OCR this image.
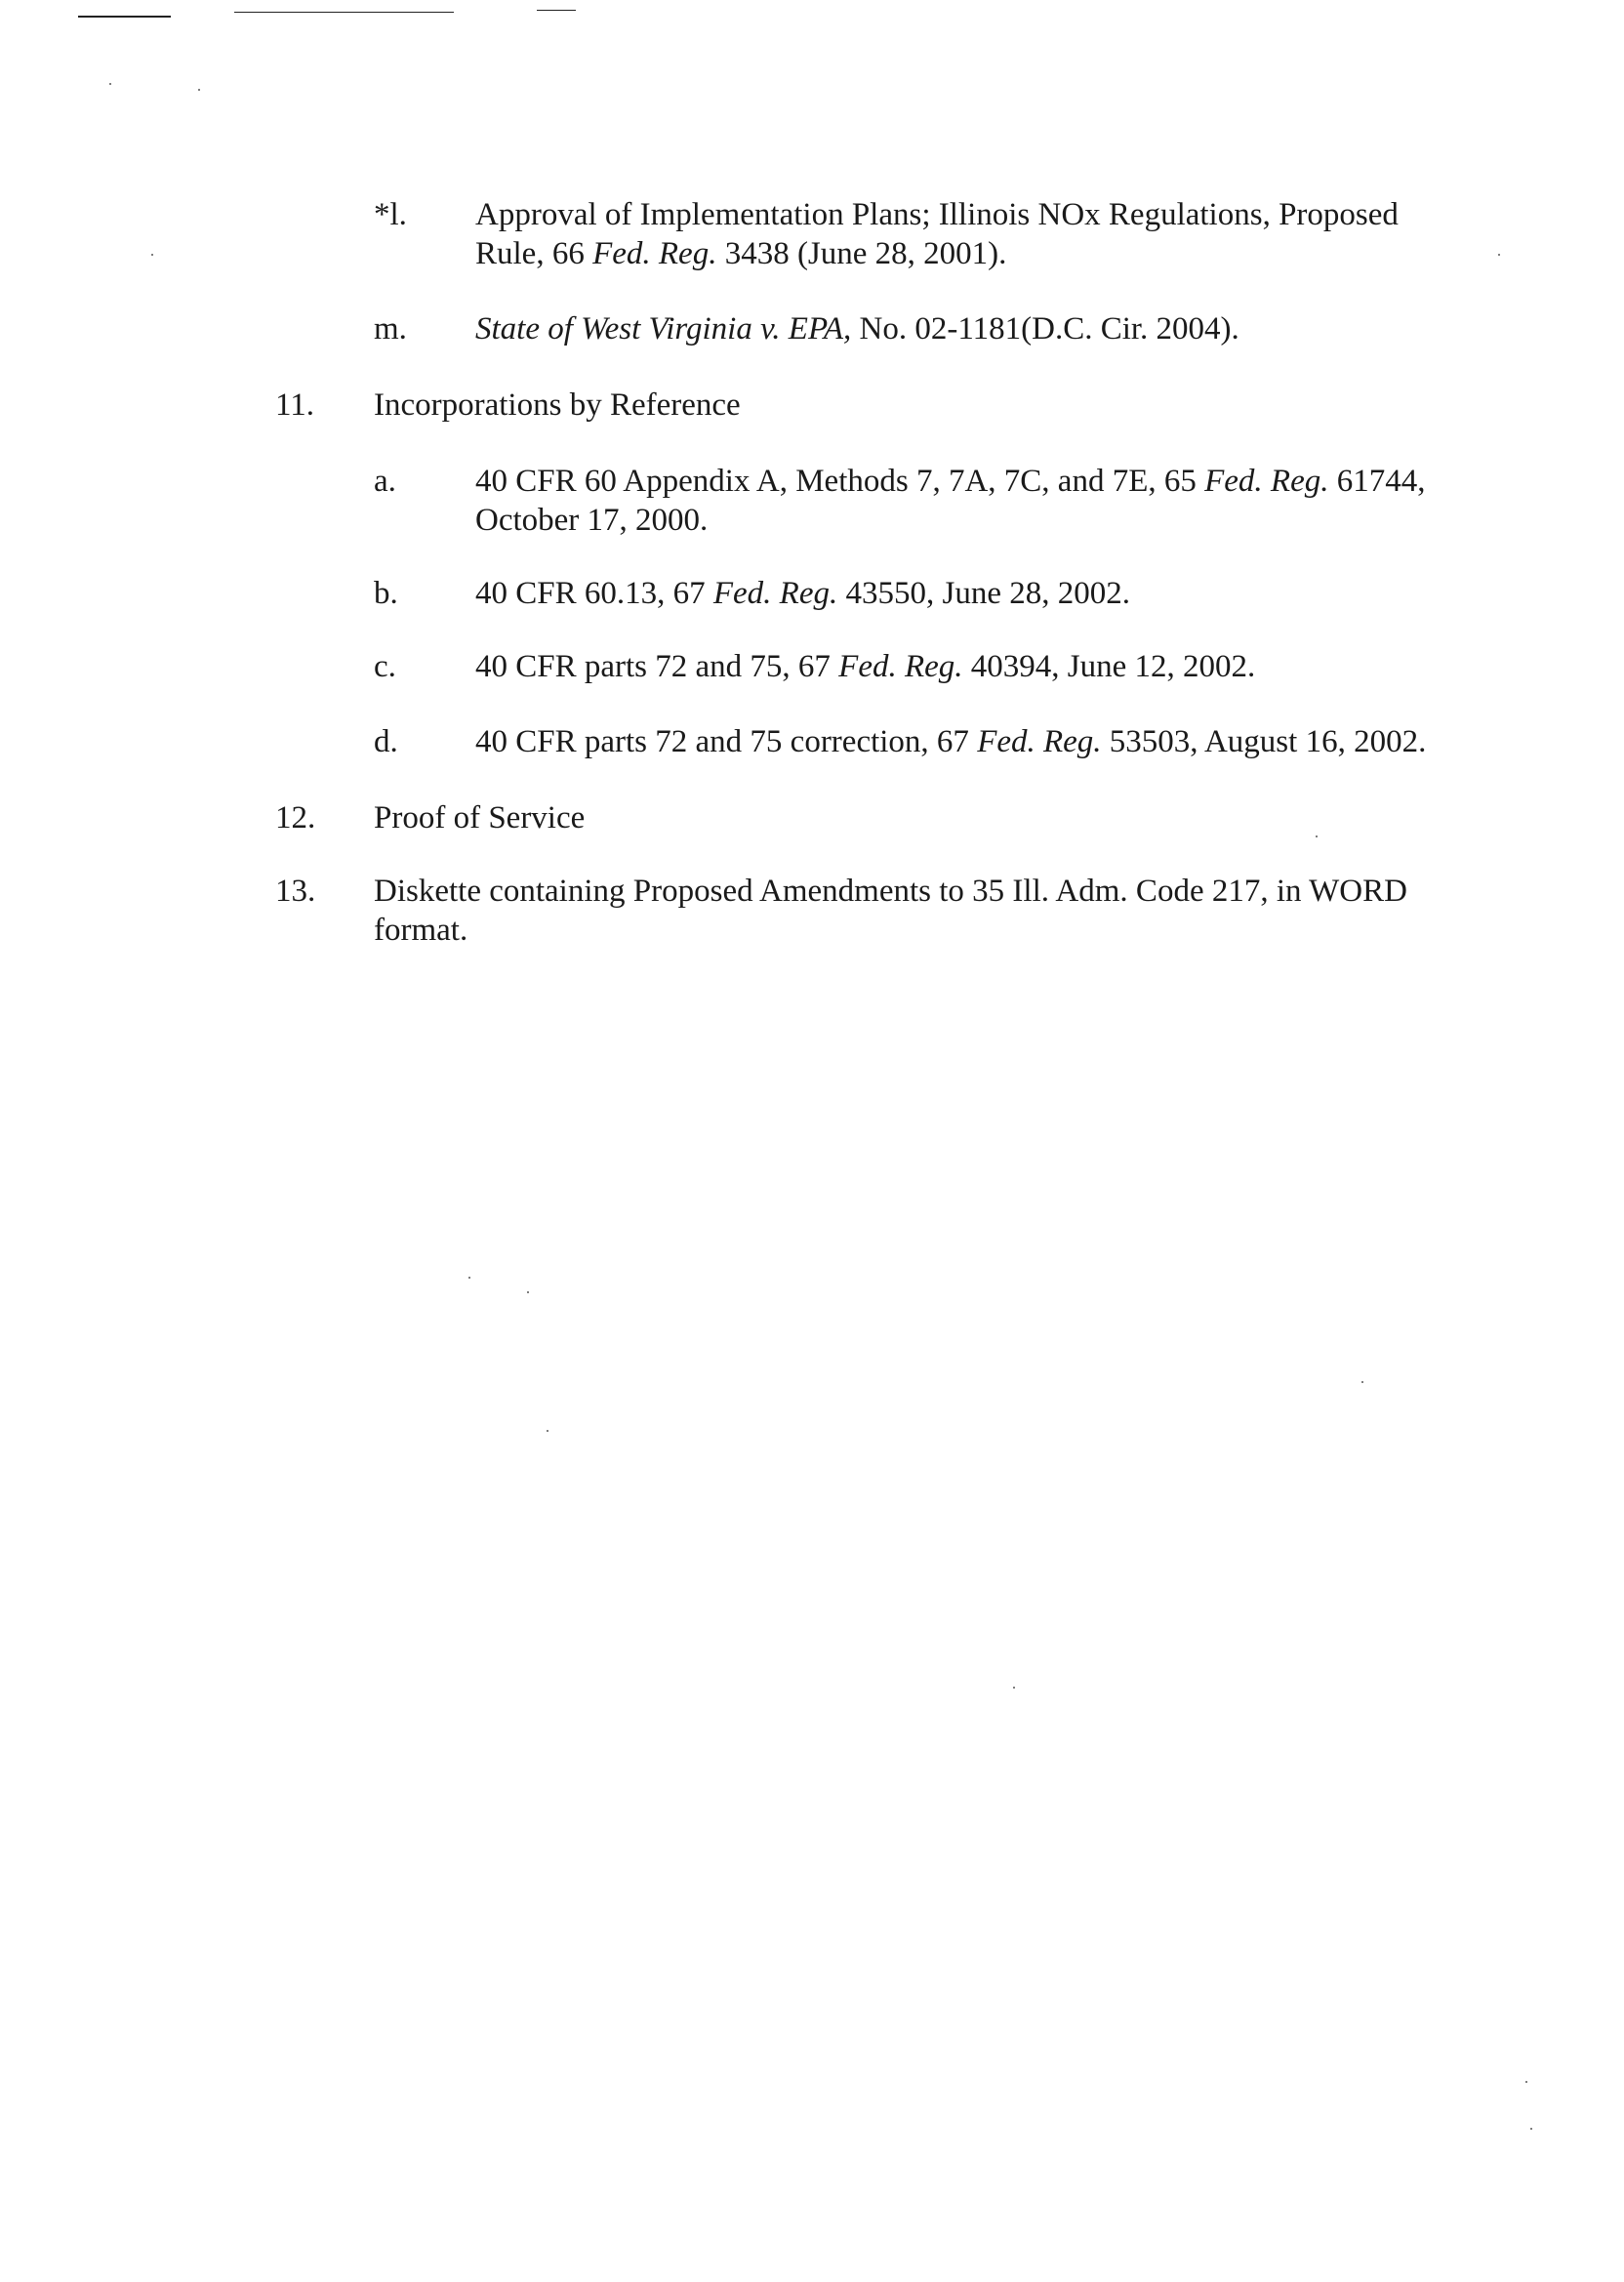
*l. Approval of Implementation Plans; Illinois NOx Regulations, Proposed
Rule, 66 Fed. Reg. 3438 (June 28, 2001).
m. State of West Virginia v. EPA, No. 02-1181(D.C. Cir. 2004).
11. Incorporations by Reference
a. 40 CFR 60 Appendix A, Methods 7, 7A, 7C, and 7E, 65 Fed. Reg. 61744,
October 17, 2000.
b. 40 CFR 60.13, 67 Fed. Reg. 43550, June 28, 2002.
c. 40 CFR parts 72 and 75, 67 Fed. Reg. 40394, June 12, 2002.
d. 40 CFR parts 72 and 75 correction, 67 Fed. Reg. 53503, August 16, 2002.
12. Proof of Service
13. Diskette containing Proposed Amendments to 35 Ill. Adm. Code 217, in WORD
format.
